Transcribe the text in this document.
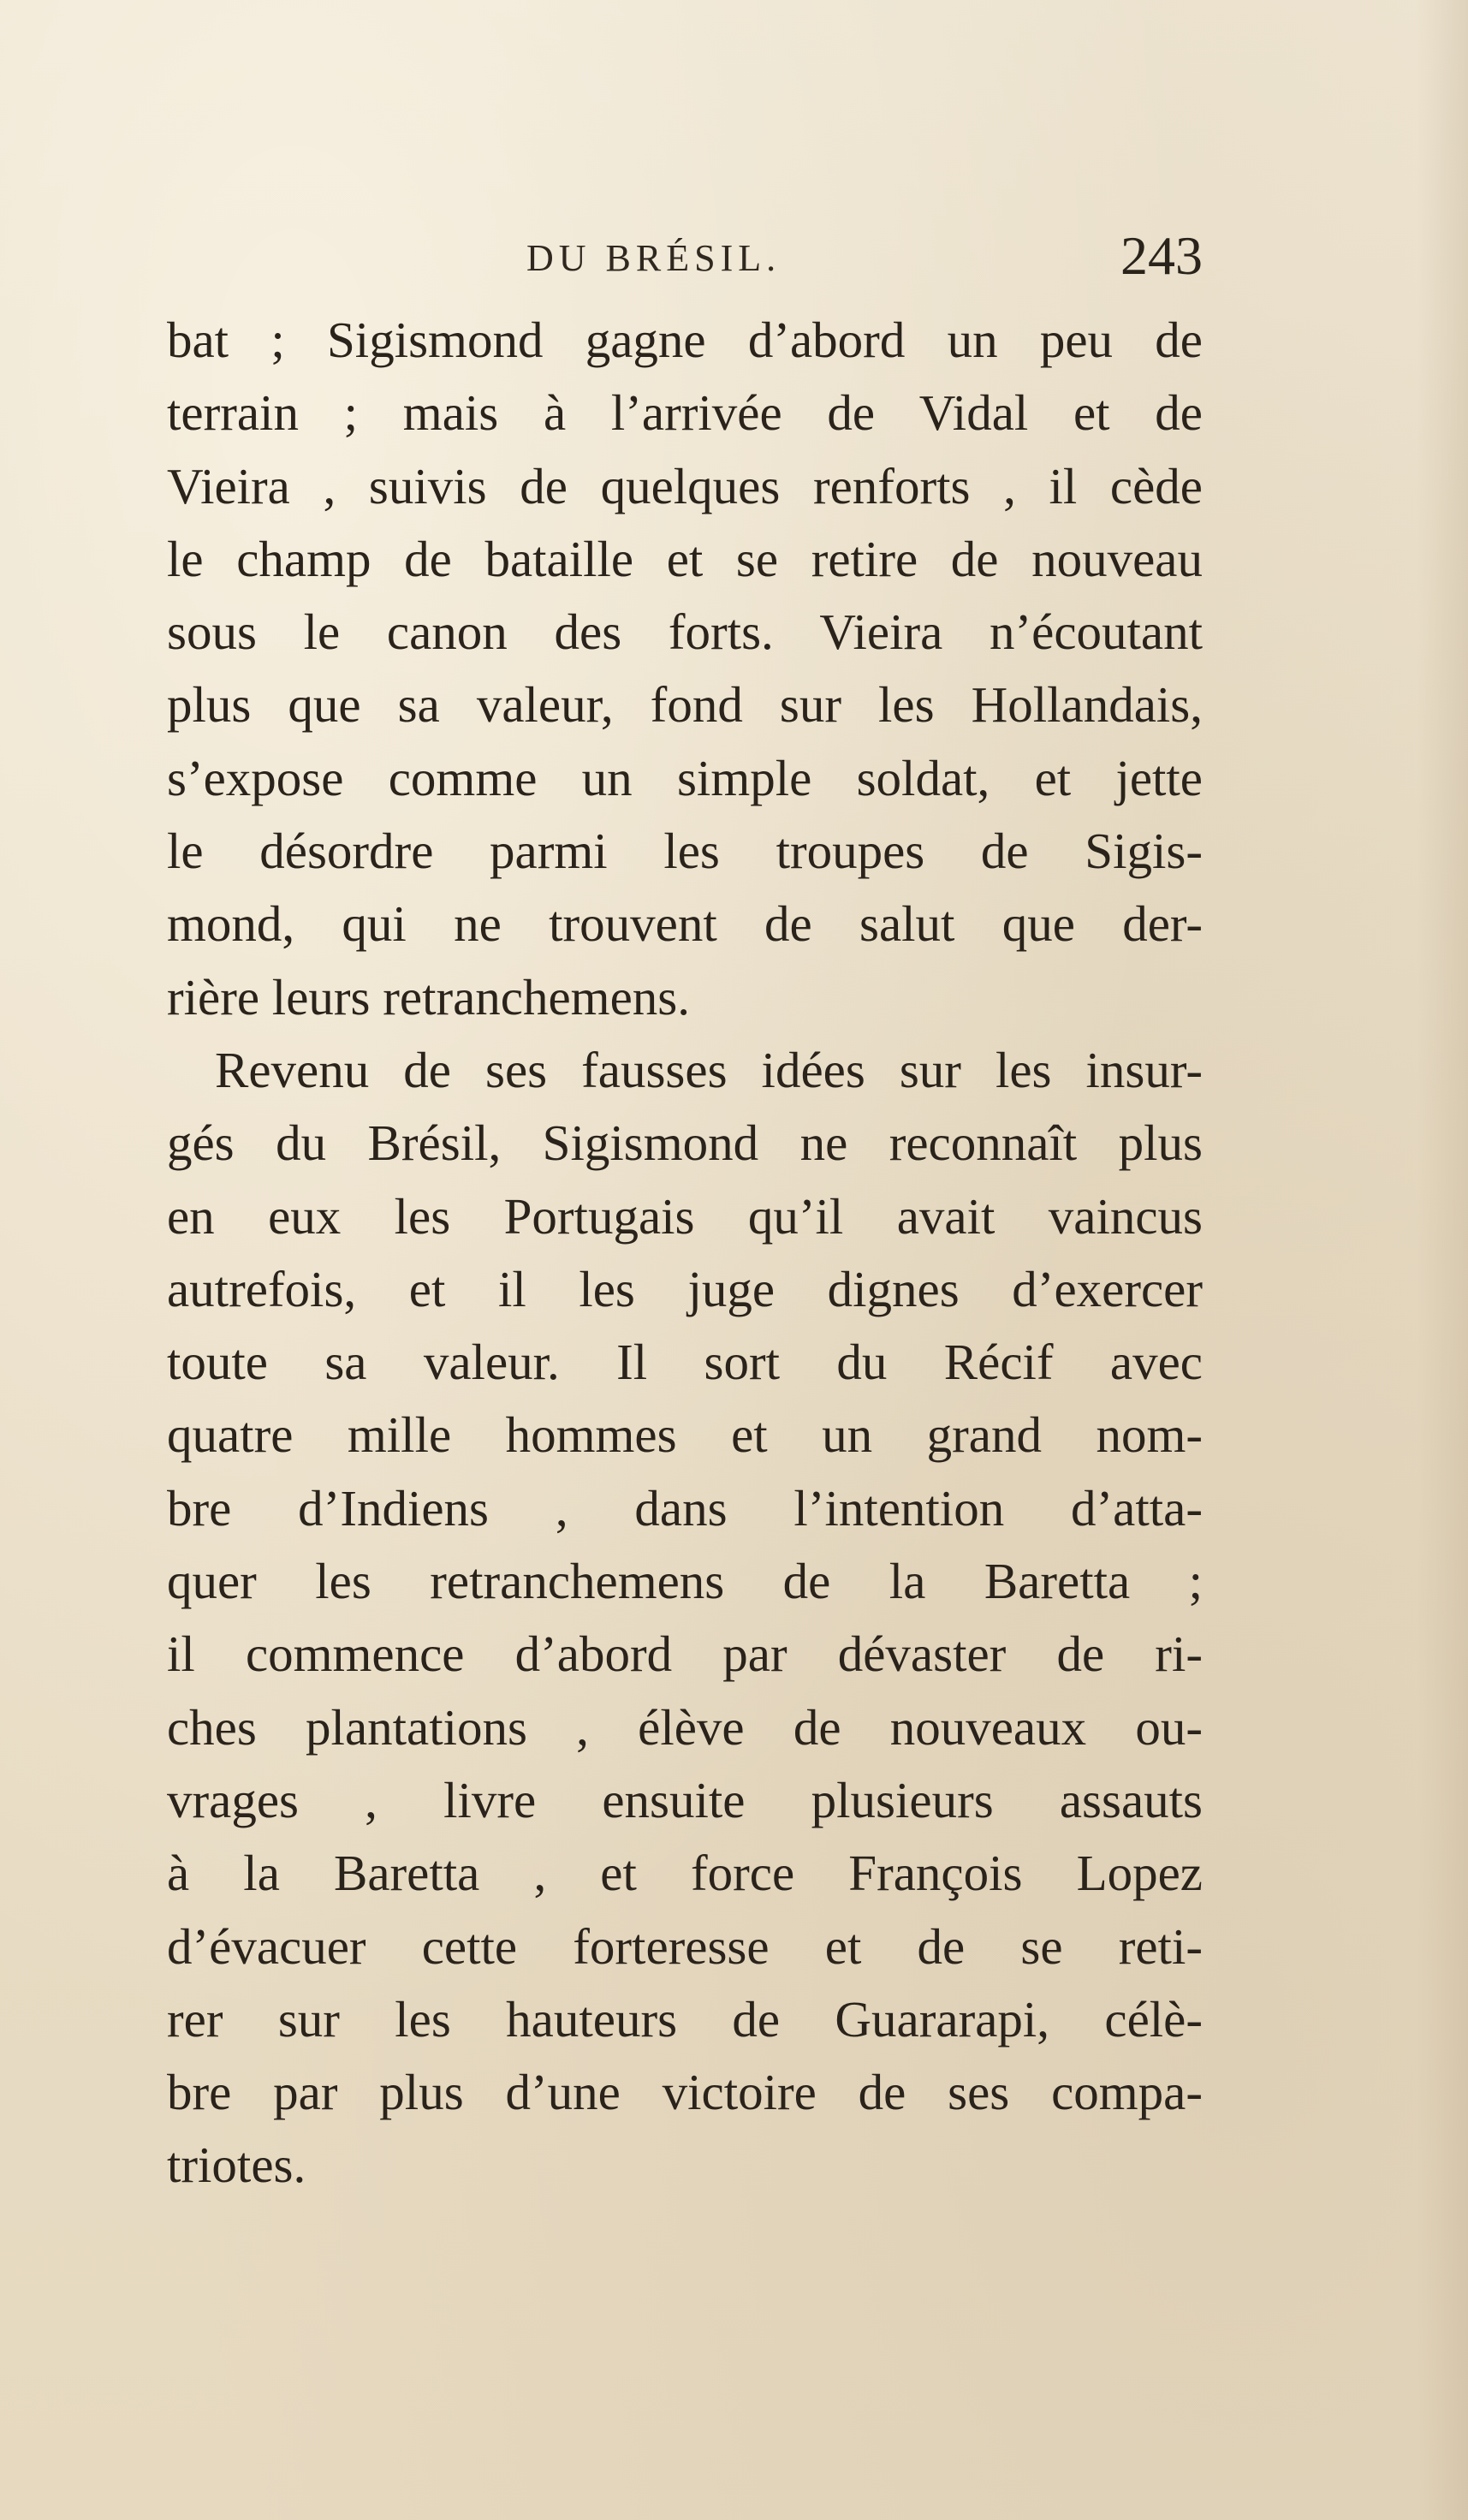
DU BRÉSIL.	243
bat ; Sigismond gagne d’abord un peu de
terrain ; mais à l’arrivée de Vidal et de
Vieira , suivis de quelques renforts , il cède
le champ de bataille et se retire de nouveau
sous le canon des forts. Vieira n’écoutant
plus que sa valeur, fond sur les Hollandais,
s’expose comme un simple soldat, et jette
le désordre parmi les troupes de Sigis-
mond, qui ne trouvent de salut que der-
rière leurs retranchemens.
Revenu de ses fausses idées sur les insur-
gés du Brésil, Sigismond ne reconnaît plus
en eux les Portugais qu’il avait vaincus
autrefois, et il les juge dignes d’exercer
toute sa valeur. Il sort du Récif avec
quatre mille hommes et un grand nom-
bre d’Indiens , dans l’intention d’atta-
quer les retranchemens de la Baretta ;
il commence d’abord par dévaster de ri-
ches plantations , élève de nouveaux ou-
vrages , livre ensuite plusieurs assauts
à la Baretta , et force François Lopez
d’évacuer cette forteresse et de se reti-
rer sur les hauteurs de Guararapi, célè-
bre par plus d’une victoire de ses compa-
triotes.
